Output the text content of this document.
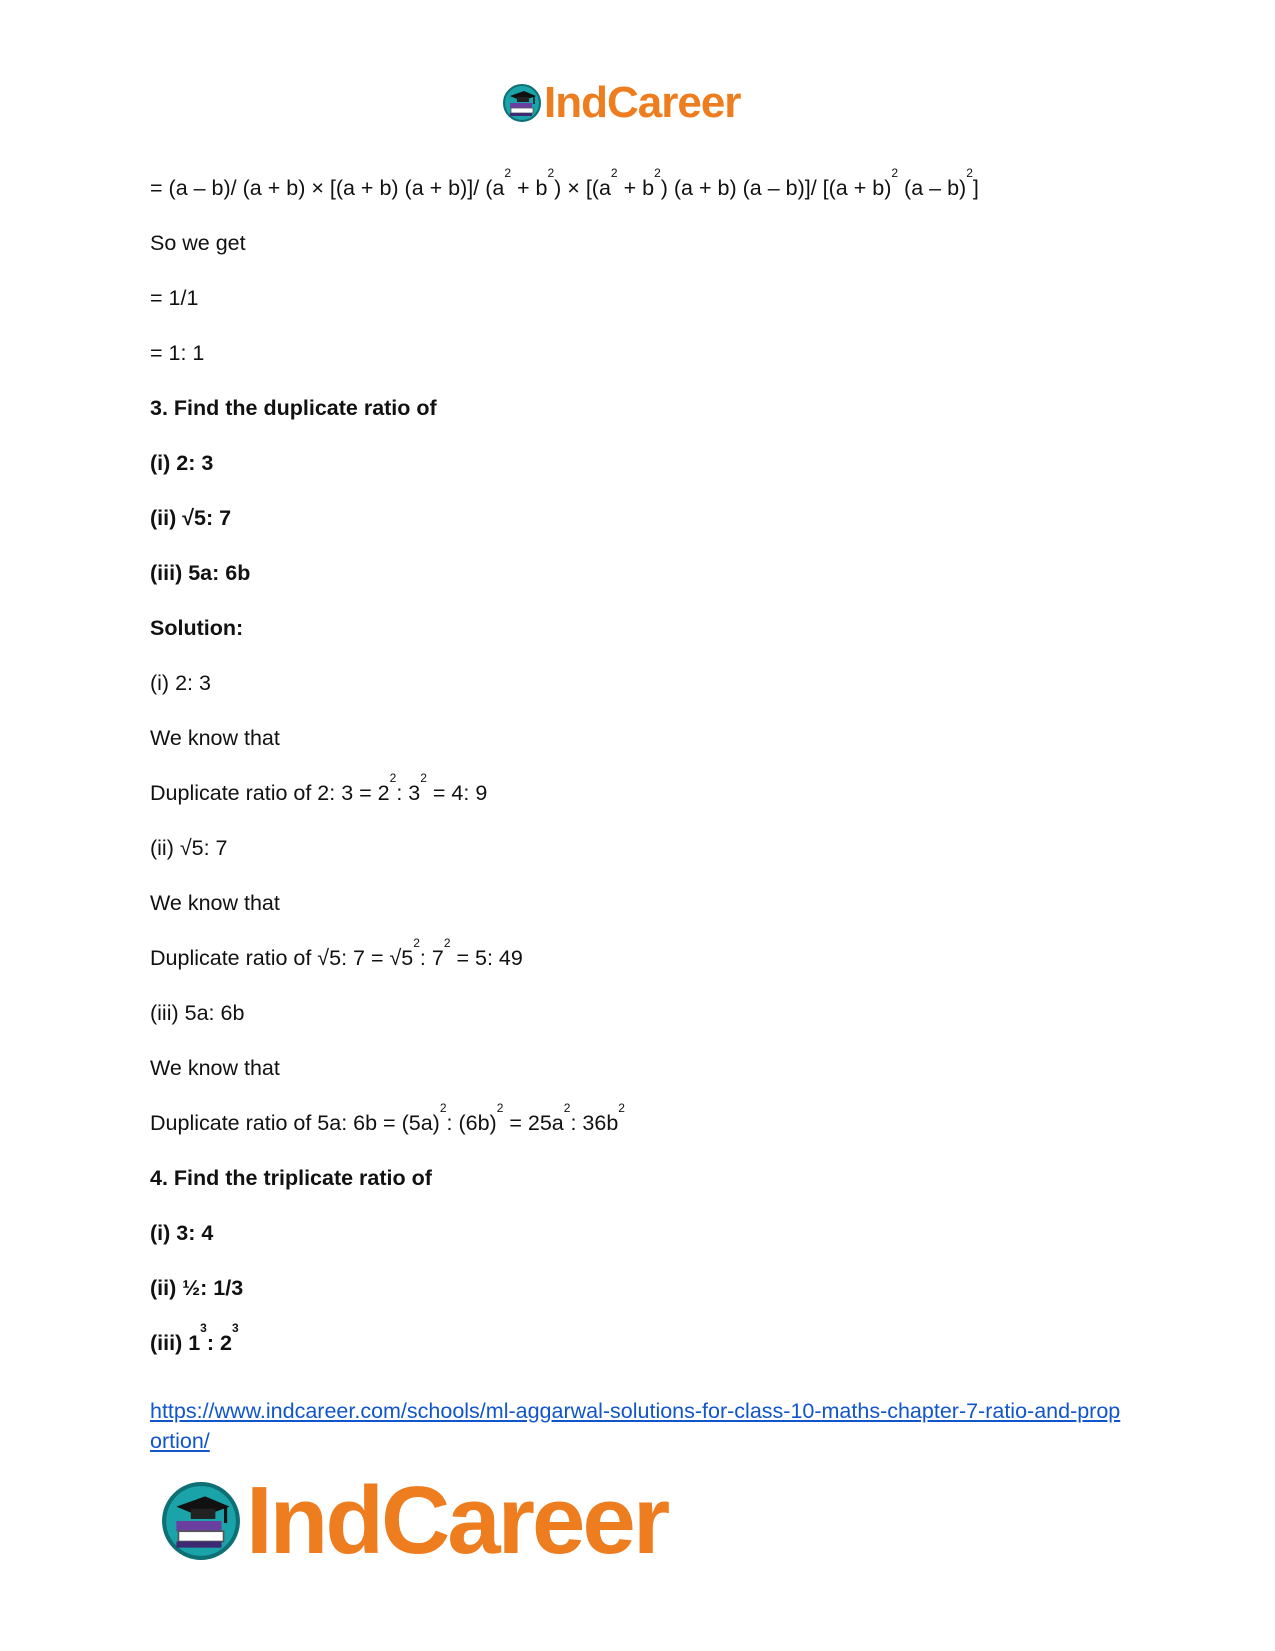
IndCareer
= (a – b)/ (a + b) × [(a + b) (a + b)]/ $(a^2 + b^2) \times [(a^2 + b^2) (a + b)$ (a – b)]/ [$(a + b)^2$ (a – b)$^2$]
So we get
= 1/1
= 1: 1
3. Find the duplicate ratio of
(i) 2: 3
(ii) √5: 7
(iii) 5a: 6b
Solution:
(i) 2: 3
We know that
Duplicate ratio of 2: $3 = 2^2$: $3^2 = 4$: 9
(ii) √5: 7
We know that
Duplicate ratio of √5: $7 = √5^2$: $7^2 = 5$: 49
(iii) 5a: 6b
We know that
Duplicate ratio of 5a: $6b = (5a)^2$: $(6b)^2 = 25a^2$: $36b^2$
4. Find the triplicate ratio of
(i) 3: 4
(ii) ½: 1/3
(iii) $1^3$: $2^3$
https://www.indcareer.com/schools/ml-aggarwal-solutions-for-class-10-maths-chapter-7-ratio-and-proportion/
IndCareer
